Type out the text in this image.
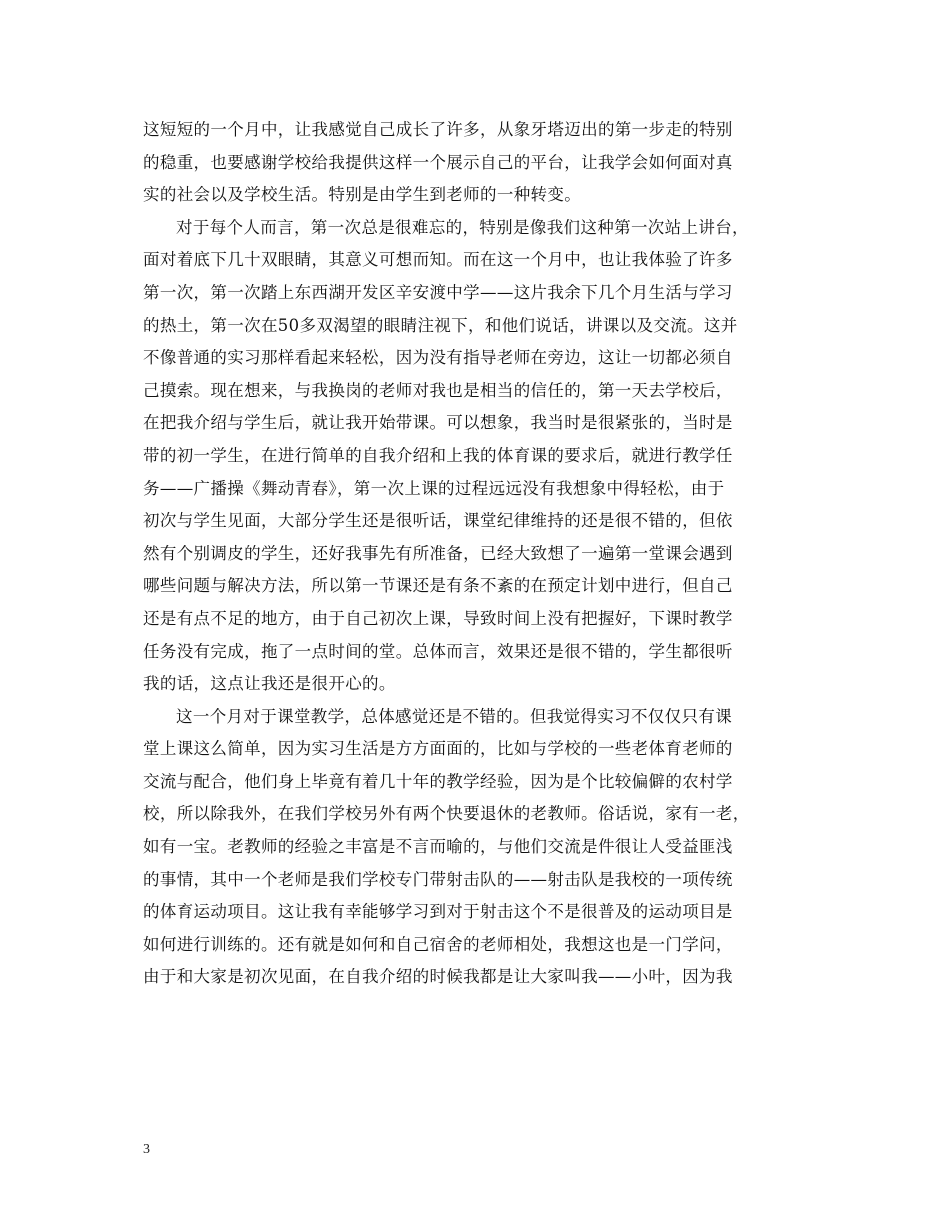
这短短的一个月中，让我感觉自己成长了许多，从象牙塔迈出的第一步走的特别
的稳重，也要感谢学校给我提供这样一个展示自己的平台，让我学会如何面对真
实的社会以及学校生活。特别是由学生到老师的一种转变。
对于每个人而言，第一次总是很难忘的，特别是像我们这种第一次站上讲台，
面对着底下几十双眼睛，其意义可想而知。而在这一个月中，也让我体验了许多
第一次，第一次踏上东西湖开发区辛安渡中学——这片我余下几个月生活与学习
的热土，第一次在50多双渴望的眼睛注视下，和他们说话，讲课以及交流。这并
不像普通的实习那样看起来轻松，因为没有指导老师在旁边，这让一切都必须自
己摸索。现在想来，与我换岗的老师对我也是相当的信任的，第一天去学校后，
在把我介绍与学生后，就让我开始带课。可以想象，我当时是很紧张的，当时是
带的初一学生，在进行简单的自我介绍和上我的体育课的要求后，就进行教学任
务——广播操《舞动青春》，第一次上课的过程远远没有我想象中得轻松，由于
初次与学生见面，大部分学生还是很听话，课堂纪律维持的还是很不错的，但依
然有个别调皮的学生，还好我事先有所准备，已经大致想了一遍第一堂课会遇到
哪些问题与解决方法，所以第一节课还是有条不紊的在预定计划中进行，但自己
还是有点不足的地方，由于自己初次上课，导致时间上没有把握好，下课时教学
任务没有完成，拖了一点时间的堂。总体而言，效果还是很不错的，学生都很听
我的话，这点让我还是很开心的。
这一个月对于课堂教学，总体感觉还是不错的。但我觉得实习不仅仅只有课
堂上课这么简单，因为实习生活是方方面面的，比如与学校的一些老体育老师的
交流与配合，他们身上毕竟有着几十年的教学经验，因为是个比较偏僻的农村学
校，所以除我外，在我们学校另外有两个快要退休的老教师。俗话说，家有一老，
如有一宝。老教师的经验之丰富是不言而喻的，与他们交流是件很让人受益匪浅
的事情，其中一个老师是我们学校专门带射击队的——射击队是我校的一项传统
的体育运动项目。这让我有幸能够学习到对于射击这个不是很普及的运动项目是
如何进行训练的。还有就是如何和自己宿舍的老师相处，我想这也是一门学问，
由于和大家是初次见面，在自我介绍的时候我都是让大家叫我——小叶，因为我
3
